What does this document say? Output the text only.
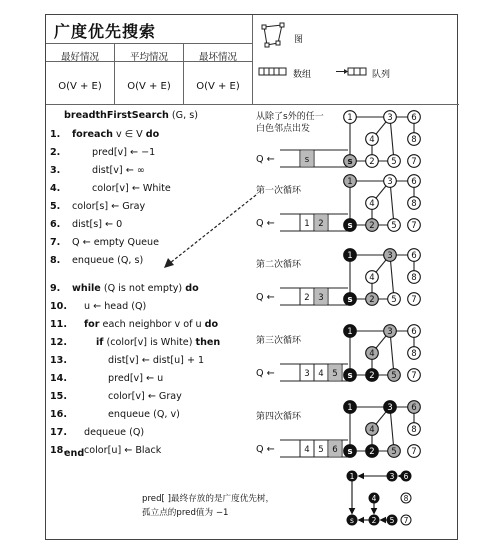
广度优先搜索
最好情况	平均情况	最坏情况
O(V + E)	O(V + E)	O(V + E)
图
数组	队列
breadthFirstSearch (G, s)
1.	foreach v ∈ V do
2.	pred[v] ← −1
3.	dist[v] ← ∞
4.	color[v] ← White
5.	color[s] ← Gray
6.	dist[s] ← 0
7.	Q ← empty Queue
8.	enqueue (Q, s)
9.	while (Q is not empty) do
10. u ← head (Q)
11. for each neighbor v of u do
12.	if (color[v] is White) then
13.	dist[v] ← dist[u] + 1
14.	pred[v] ← u
15.	color[v] ← Gray
16.	enqueue (Q, v)
17. dequeue (Q)
18. color[u] ← Black
end
从除了s外的任一
白色邻点出发
Q ←	s
1
2
3
4
5
6
7
8
s
第一次循环
Q ←	1 2
1
2
3
4
5
6
7
8
s
第二次循环
Q ←	2 3
1
2
3
4
5
6
7
8
s
第三次循环
Q ←	3 4 5
1
2
3
4
5
6
7
8
s
第四次循环
Q ←	4 5 6
1
2
3
4
5
6
7
8
s
1
2
3
4
5
6
7
8
s
pred[ ]最终存放的是广度优先树，
孤立点的pred值为 −1
